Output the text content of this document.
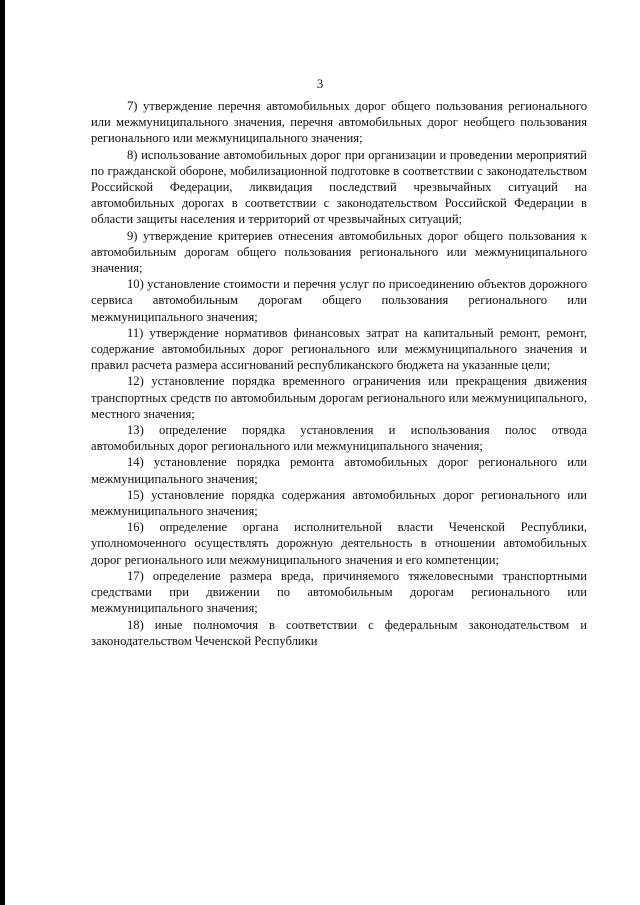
3

7) утверждение перечня автомобильных дорог общего пользования регионального или межмуниципального значения, перечня автомобильных дорог необщего пользования регионального или межмуниципального значения;

8) использование автомобильных дорог при организации и проведении мероприятий по гражданской обороне, мобилизационной подготовке в соответствии с законодательством Российской Федерации, ликвидация последствий чрезвычайных ситуаций на автомобильных дорогах в соответствии с законодательством Российской Федерации в области защиты населения и территорий от чрезвычайных ситуаций;

9) утверждение критериев отнесения автомобильных дорог общего пользования к автомобильным дорогам общего пользования регионального или межмуниципального значения;

10) установление стоимости и перечня услуг по присоединению объектов дорожного сервиса автомобильным дорогам общего пользования регионального или межмуниципального значения;

11) утверждение нормативов финансовых затрат на капитальный ремонт, ремонт, содержание автомобильных дорог регионального или межмуниципального значения и правил расчета размера ассигнований республиканского бюджета на указанные цели;

12) установление порядка временного ограничения или прекращения движения транспортных средств по автомобильным дорогам регионального или межмуниципального, местного значения;

13) определение порядка установления и использования полос отвода автомобильных дорог регионального или межмуниципального значения;

14) установление порядка ремонта автомобильных дорог регионального или межмуниципального значения;

15) установление порядка содержания автомобильных дорог регионального или межмуниципального значения;

16) определение органа исполнительной власти Чеченской Республики, уполномоченного осуществлять дорожную деятельность в отношении автомобильных дорог регионального или межмуниципального значения и его компетенции;

17) определение размера вреда, причиняемого тяжеловесными транспортными средствами при движении по автомобильным дорогам регионального или межмуниципального значения;

18) иные полномочия в соответствии с федеральным законодательством и законодательством Чеченской Республики
